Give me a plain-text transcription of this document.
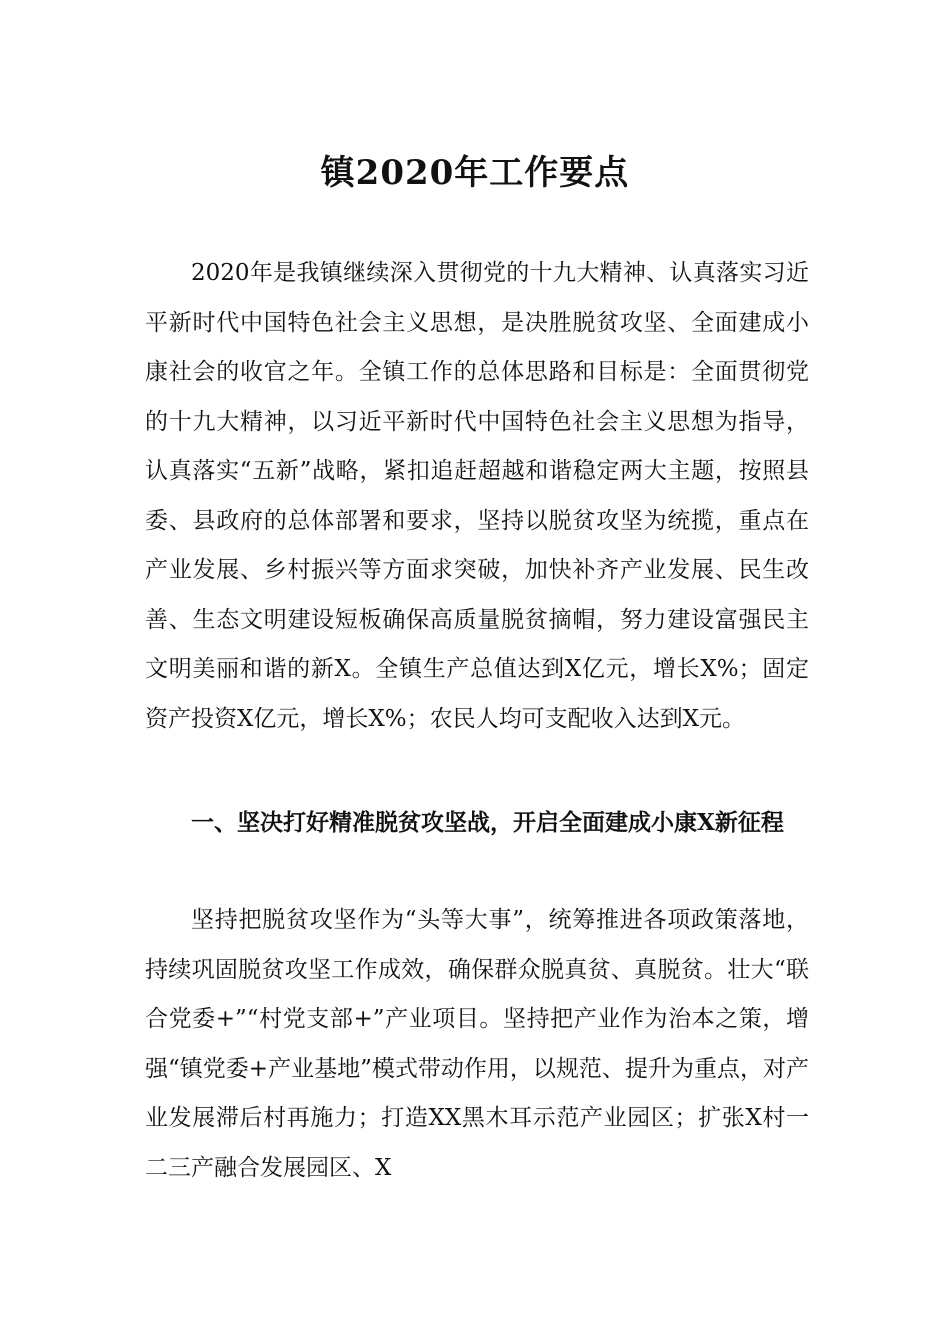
镇2020年工作要点

2020年是我镇继续深入贯彻党的十九大精神、认真落实习近平新时代中国特色社会主义思想，是决胜脱贫攻坚、全面建成小康社会的收官之年。全镇工作的总体思路和目标是：全面贯彻党的十九大精神，以习近平新时代中国特色社会主义思想为指导，认真落实“五新”战略，紧扣追赶超越和谐稳定两大主题，按照县委、县政府的总体部署和要求，坚持以脱贫攻坚为统揽，重点在产业发展、乡村振兴等方面求突破，加快补齐产业发展、民生改善、生态文明建设短板确保高质量脱贫摘帽，努力建设富强民主文明美丽和谐的新X。全镇生产总值达到X亿元，增长X%；固定资产投资X亿元，增长X%；农民人均可支配收入达到X元。

一、坚决打好精准脱贫攻坚战，开启全面建成小康X新征程

坚持把脱贫攻坚作为“头等大事”，统筹推进各项政策落地，持续巩固脱贫攻坚工作成效，确保群众脱真贫、真脱贫。壮大“联合党委+”“村党支部+”产业项目。坚持把产业作为治本之策，增强“镇党委+产业基地”模式带动作用，以规范、提升为重点，对产业发展滞后村再施力；打造XX黑木耳示范产业园区；扩张X村一二三产融合发展园区、X
